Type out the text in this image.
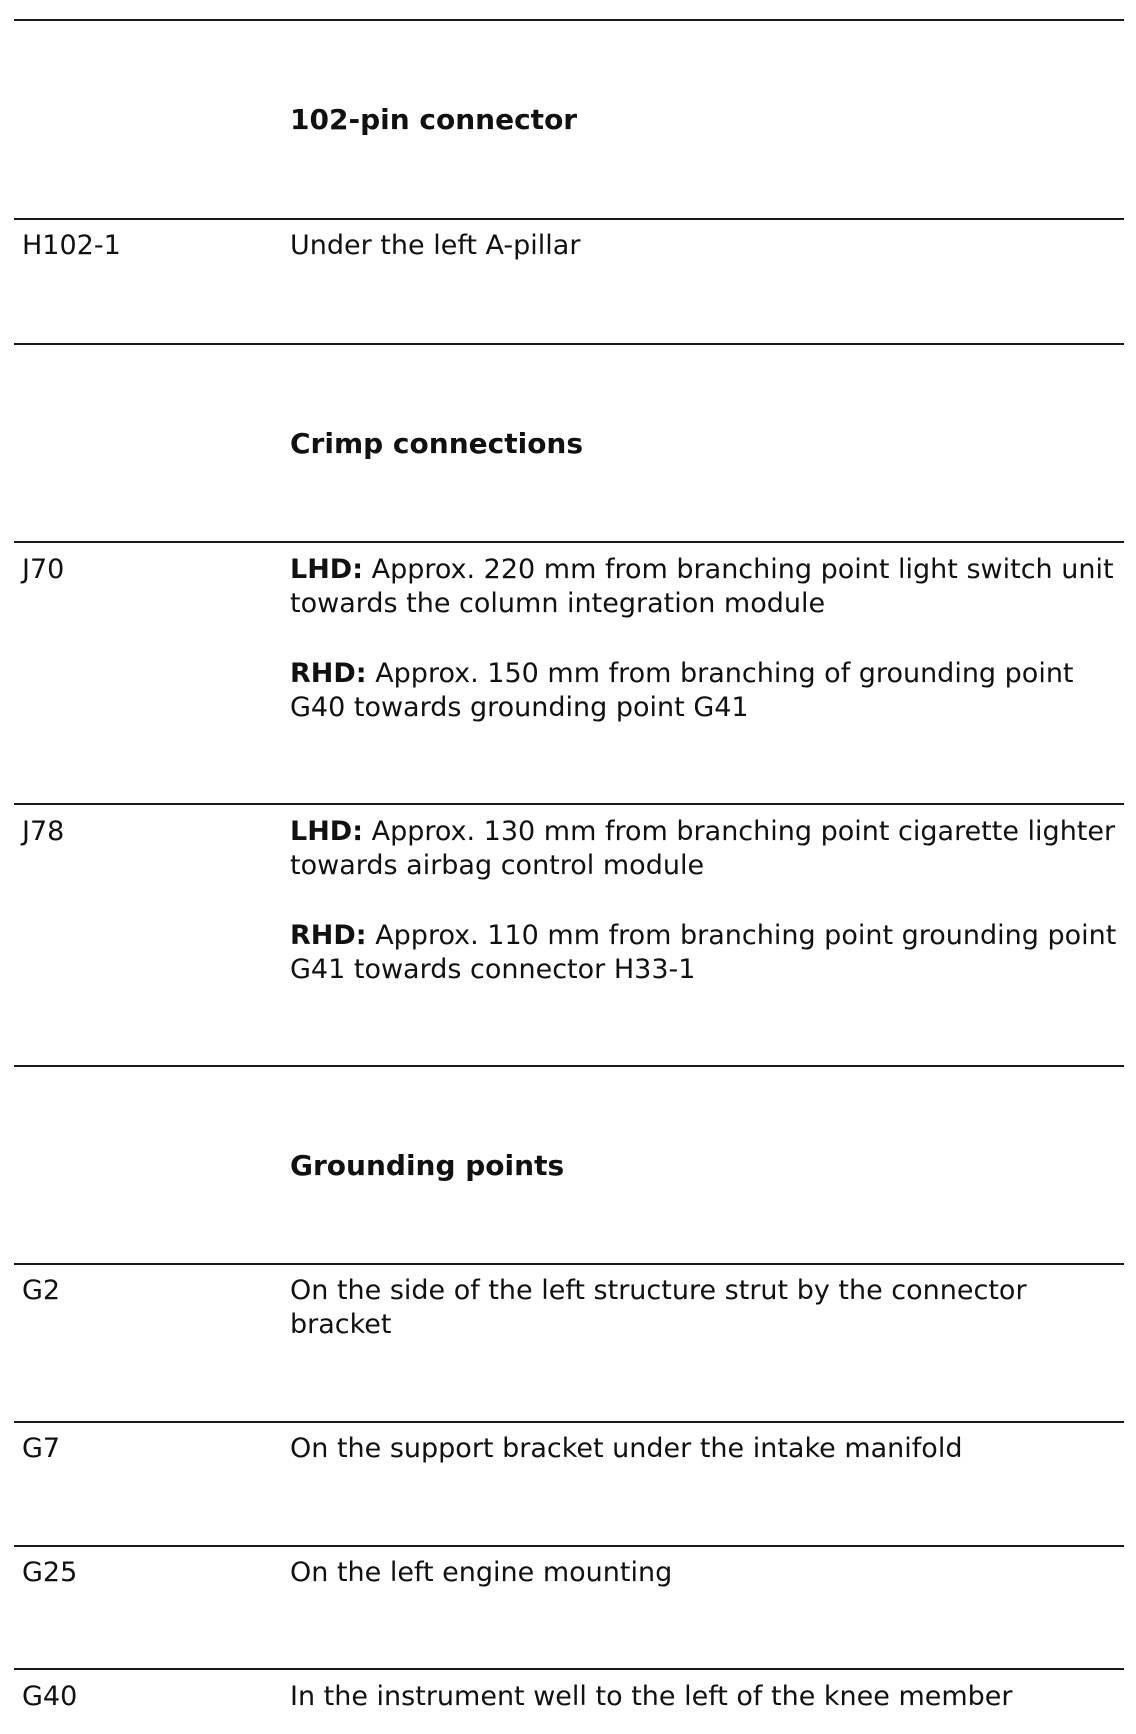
102-pin connector
H102-1	Under the left A-pillar

Crimp connections
J70	LHD: Approx. 220 mm from branching point light switch unit towards the column integration module

RHD: Approx. 150 mm from branching of grounding point G40 towards grounding point G41

J78	LHD: Approx. 130 mm from branching point cigarette lighter towards airbag control module

RHD: Approx. 110 mm from branching point grounding point G41 towards connector H33-1

Grounding points
G2	On the side of the left structure strut by the connector bracket

G7	On the support bracket under the intake manifold

G25	On the left engine mounting

G40	In the instrument well to the left of the knee member
